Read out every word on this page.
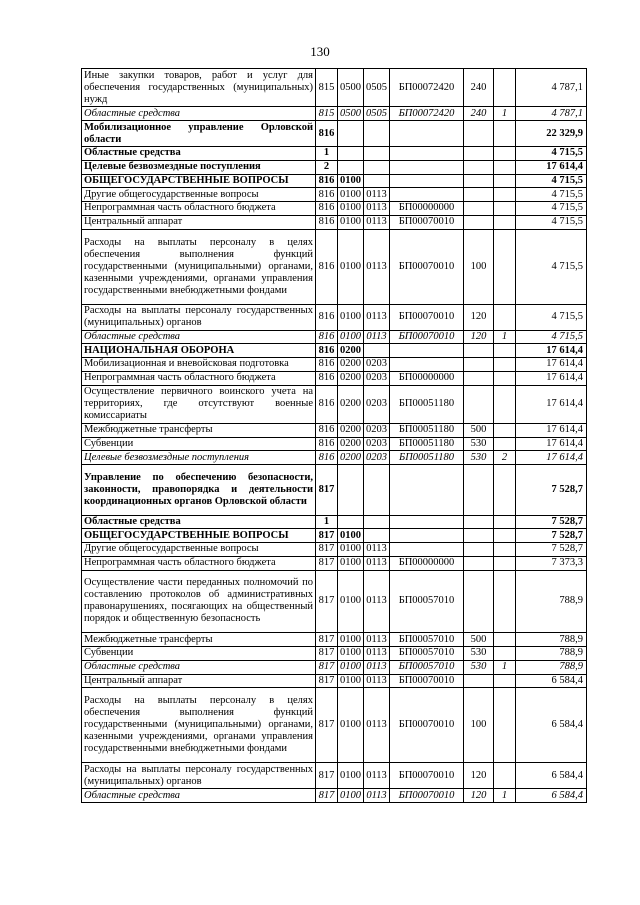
130
Иные закупки товаров, работ и услуг для обеспечения государственных (муниципальных) нужд	815	0500	0505	БП00072420	240		4 787,1
Областные средства	815	0500	0505	БП00072420	240	1	4 787,1
Мобилизационное управление Орловской области	816						22 329,9
Областные средства	1						4 715,5
Целевые безвозмездные поступления	2						17 614,4
ОБЩЕГОСУДАРСТВЕННЫЕ ВОПРОСЫ	816	0100					4 715,5
Другие общегосударственные вопросы	816	0100	0113				4 715,5
Непрограммная часть областного бюджета	816	0100	0113	БП00000000			4 715,5
Центральный аппарат	816	0100	0113	БП00070010			4 715,5
Расходы на выплаты персоналу в целях обеспечения выполнения функций государственными (муниципальными) органами, казенными учреждениями, органами управления государственными внебюджетными фондами	816	0100	0113	БП00070010	100		4 715,5
Расходы на выплаты персоналу государственных (муниципальных) органов	816	0100	0113	БП00070010	120		4 715,5
Областные средства	816	0100	0113	БП00070010	120	1	4 715,5
НАЦИОНАЛЬНАЯ ОБОРОНА	816	0200					17 614,4
Мобилизационная и вневойсковая подготовка	816	0200	0203				17 614,4
Непрограммная часть областного бюджета	816	0200	0203	БП00000000			17 614,4
Осуществление первичного воинского учета на территориях, где отсутствуют военные комиссариаты	816	0200	0203	БП00051180			17 614,4
Межбюджетные трансферты	816	0200	0203	БП00051180	500		17 614,4
Субвенции	816	0200	0203	БП00051180	530		17 614,4
Целевые безвозмездные поступления	816	0200	0203	БП00051180	530	2	17 614,4
Управление по обеспечению безопасности, законности, правопорядка и деятельности координационных органов Орловской области	817						7 528,7
Областные средства	1						7 528,7
ОБЩЕГОСУДАРСТВЕННЫЕ ВОПРОСЫ	817	0100					7 528,7
Другие общегосударственные вопросы	817	0100	0113				7 528,7
Непрограммная часть областного бюджета	817	0100	0113	БП00000000			7 373,3
Осуществление части переданных полномочий по составлению протоколов об административных правонарушениях, посягающих на общественный порядок и общественную безопасность	817	0100	0113	БП00057010			788,9
Межбюджетные трансферты	817	0100	0113	БП00057010	500		788,9
Субвенции	817	0100	0113	БП00057010	530		788,9
Областные средства	817	0100	0113	БП00057010	530	1	788,9
Центральный аппарат	817	0100	0113	БП00070010			6 584,4
Расходы на выплаты персоналу в целях обеспечения выполнения функций государственными (муниципальными) органами, казенными учреждениями, органами управления государственными внебюджетными фондами	817	0100	0113	БП00070010	100		6 584,4
Расходы на выплаты персоналу государственных (муниципальных) органов	817	0100	0113	БП00070010	120		6 584,4
Областные средства	817	0100	0113	БП00070010	120	1	6 584,4
